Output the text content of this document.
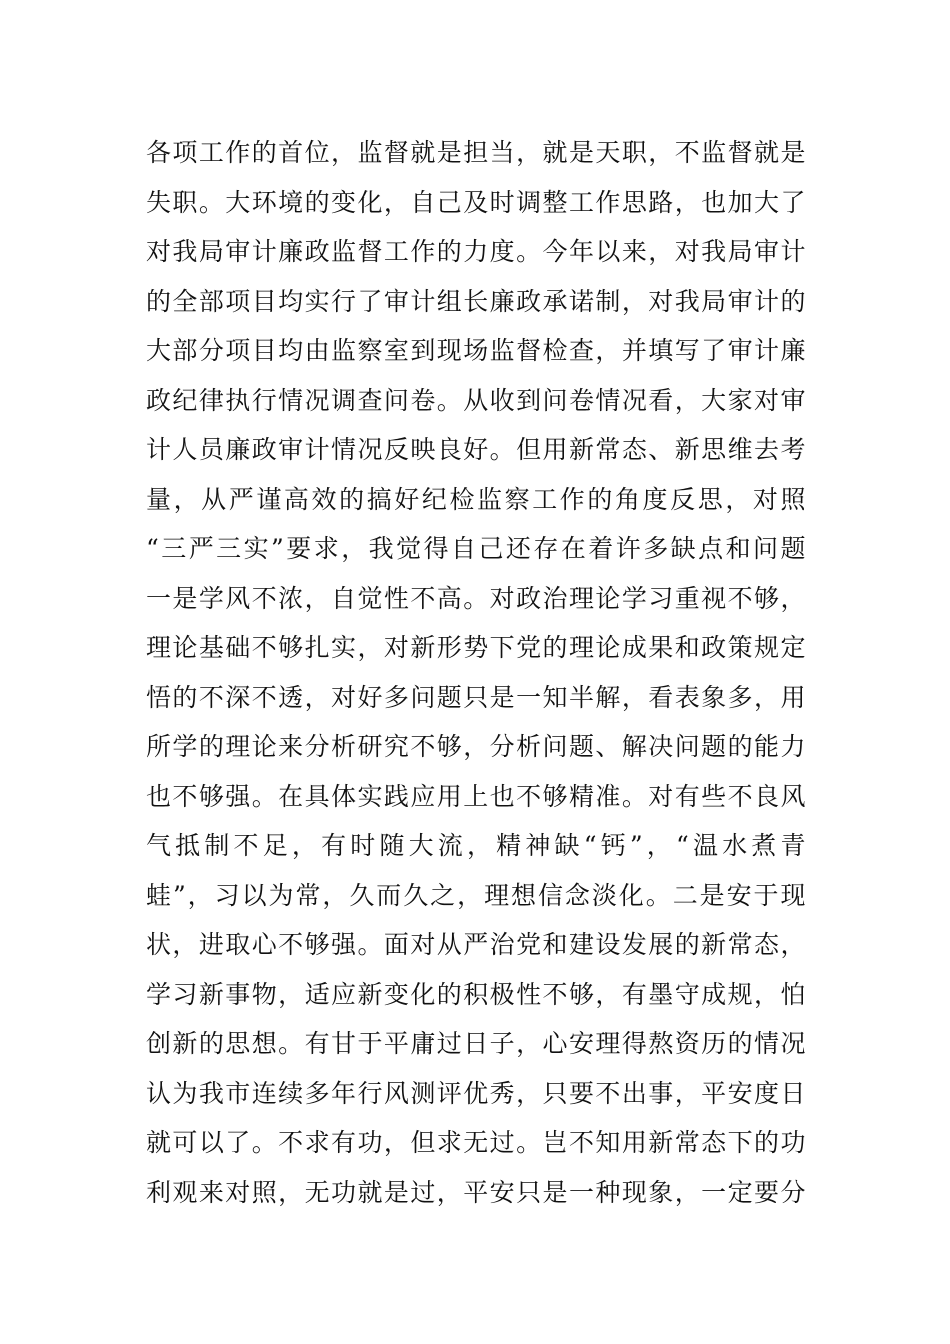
各项工作的首位，监督就是担当，就是天职，不监督就是
失职。大环境的变化，自己及时调整工作思路，也加大了
对我局审计廉政监督工作的力度。今年以来，对我局审计
的全部项目均实行了审计组长廉政承诺制，对我局审计的
大部分项目均由监察室到现场监督检查，并填写了审计廉
政纪律执行情况调查问卷。从收到问卷情况看，大家对审
计人员廉政审计情况反映良好。但用新常态、新思维去考
量，从严谨高效的搞好纪检监察工作的角度反思，对照
“三严三实”要求，我觉得自己还存在着许多缺点和问题
一是学风不浓，自觉性不高。对政治理论学习重视不够，
理论基础不够扎实，对新形势下党的理论成果和政策规定
悟的不深不透，对好多问题只是一知半解，看表象多，用
所学的理论来分析研究不够，分析问题、解决问题的能力
也不够强。在具体实践应用上也不够精准。对有些不良风
气抵制不足，有时随大流，精神缺“钙”，“温水煮青
蛙”，习以为常，久而久之，理想信念淡化。二是安于现
状，进取心不够强。面对从严治党和建设发展的新常态，
学习新事物，适应新变化的积极性不够，有墨守成规，怕
创新的思想。有甘于平庸过日子，心安理得熬资历的情况
认为我市连续多年行风测评优秀，只要不出事，平安度日
就可以了。不求有功，但求无过。岂不知用新常态下的功
利观来对照，无功就是过，平安只是一种现象，一定要分
